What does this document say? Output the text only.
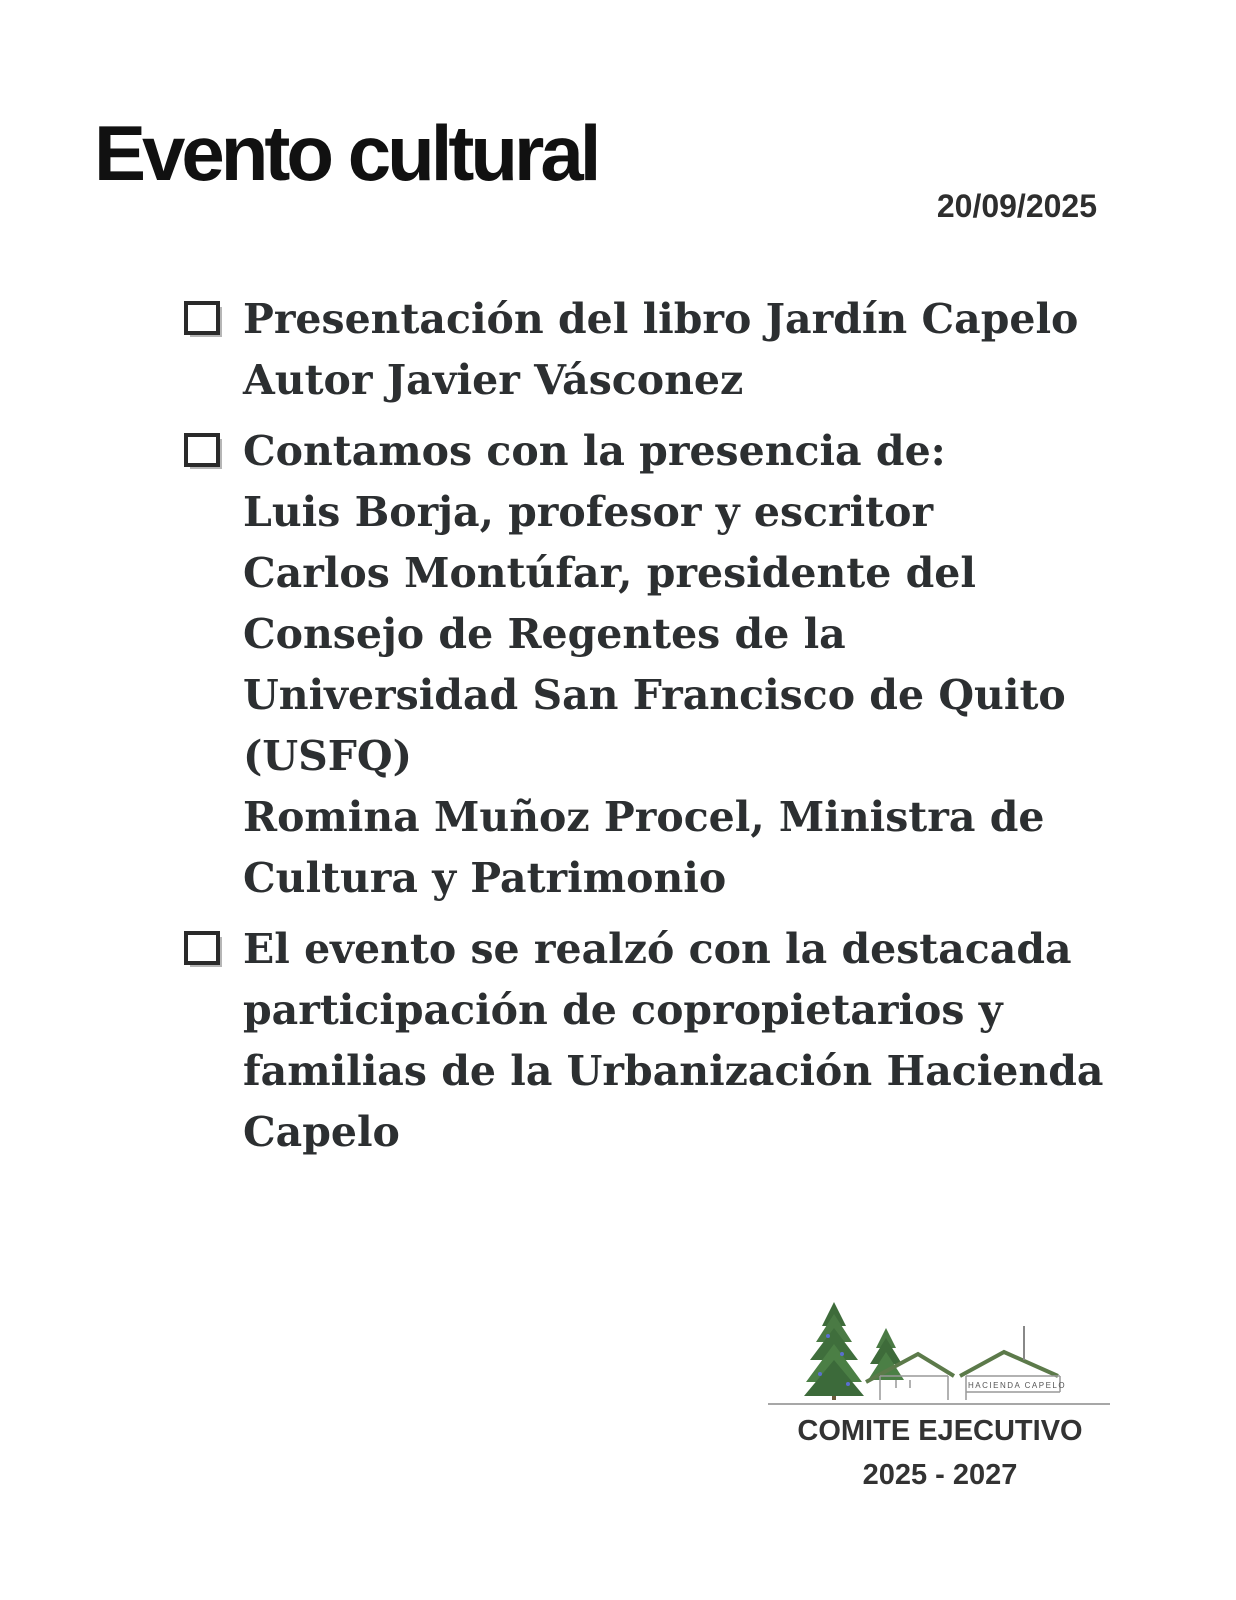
Evento cultural
20/09/2025
Presentación del libro Jardín Capelo
Autor Javier Vásconez
Contamos con la presencia de:
Luis Borja, profesor y escritor
Carlos Montúfar, presidente del
Consejo de Regentes de la
Universidad San Francisco de Quito
(USFQ)
Romina Muñoz Procel, Ministra de
Cultura y Patrimonio
El evento se realzó con la destacada
participación de copropietarios y
familias de la Urbanización Hacienda
Capelo
HACIENDA CAPELO
COMITE EJECUTIVO
2025 - 2027
